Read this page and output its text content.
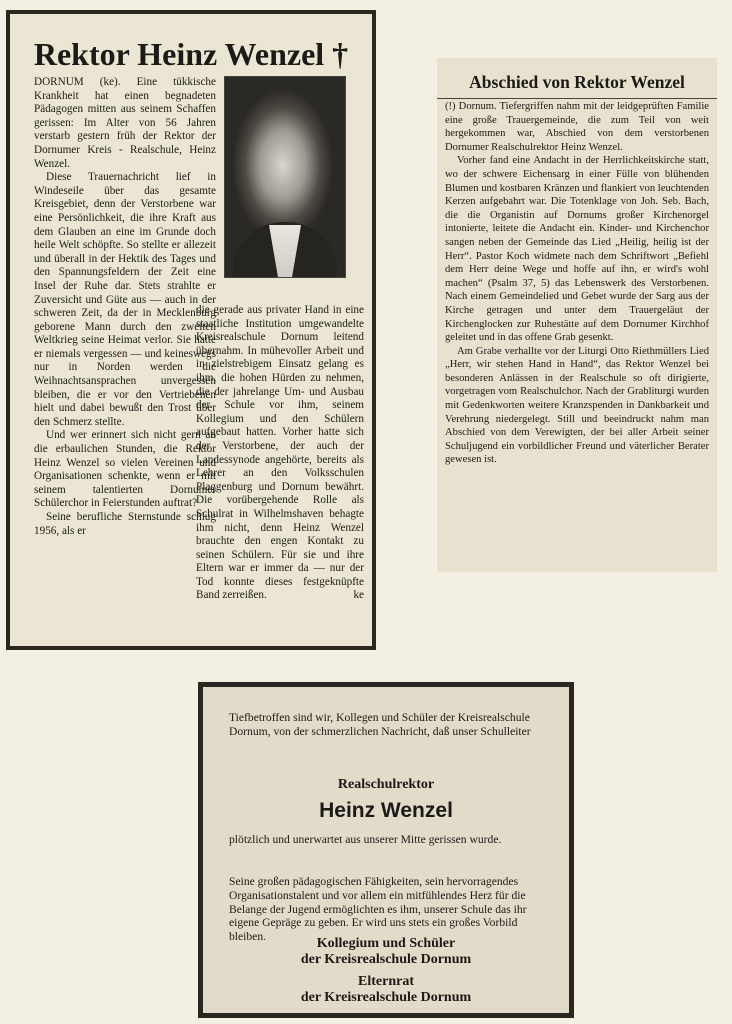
Rektor Heinz Wenzel †

DORNUM (ke). Eine tükkische Krankheit hat einen begnadeten Pädagogen mitten aus seinem Schaffen gerissen: Im Alter von 56 Jahren verstarb gestern früh der Rektor der Dornumer Kreis - Realschule, Heinz Wenzel.

Diese Trauernachricht lief in Windeseile über das gesamte Kreisgebiet, denn der Verstorbene war eine Persönlichkeit, die ihre Kraft aus dem Glauben an eine im Grunde doch heile Welt schöpfte. So stellte er allezeit und überall in der Hektik des Tages und den Spannungsfeldern der Zeit eine Insel der Ruhe dar. Stets strahlte er Zuversicht und Güte aus — auch in der schweren Zeit, da der in Mecklenburg geborene Mann durch den zweiten Weltkrieg seine Heimat verlor. Sie hatte er niemals vergessen — und keineswegs nur in Norden werden die Weihnachtsansprachen unvergessen bleiben, die er vor den Vertriebenen hielt und dabei bewußt den Trost über den Schmerz stellte.

Und wer erinnert sich nicht gern an die erbaulichen Stunden, die Rektor Heinz Wenzel so vielen Vereinen und Organisationen schenkte, wenn er mit seinem talentierten Dornumer Schülerchor in Feierstunden auftrat?

Seine berufliche Sternstunde schlug 1956, als er

die gerade aus privater Hand in eine staatliche Institution umgewandelte Kreisrealschule Dornum leitend übernahm. In mühevoller Arbeit und in zielstrebigem Einsatz gelang es ihm, die hohen Hürden zu nehmen, die der jahrelange Um- und Ausbau der Schule vor ihm, seinem Kollegium und den Schülern aufgebaut hatten. Vorher hatte sich der Verstorbene, der auch der Landessynode angehörte, bereits als Lehrer an den Volksschulen Plaggenburg und Dornum bewährt. Die vorübergehende Rolle als Schulrat in Wilhelmshaven behagte ihm nicht, denn Heinz Wenzel brauchte den engen Kontakt zu seinen Schülern. Für sie und ihre Eltern war er immer da — nur der Tod konnte dieses festgeknüpfte Band zerreißen.	ke

Abschied von Rektor Wenzel

(!) Dornum. Tiefergriffen nahm mit der leidgeprüften Familie eine große Trauergemeinde, die zum Teil von weit hergekommen war, Abschied von dem verstorbenen Dornumer Realschulrektor Heinz Wenzel.

Vorher fand eine Andacht in der Herrlichkeitskirche statt, wo der schwere Eichensarg in einer Fülle von blühenden Blumen und kostbaren Kränzen und flankiert von leuchtenden Kerzen aufgebahrt war. Die Totenklage von Joh. Seb. Bach, die die Organistin auf Dornums großer Kirchenorgel intonierte, leitete die Andacht ein. Kinder- und Kirchenchor sangen neben der Gemeinde das Lied „Heilig, heilig ist der Herr“. Pastor Koch widmete nach dem Schriftwort „Befiehl dem Herr deine Wege und hoffe auf ihn, er wird's wohl machen“ (Psalm 37, 5) das Lebenswerk des Verstorbenen. Nach einem Gemeindelied und Gebet wurde der Sarg aus der Kirche getragen und unter dem Trauergeläut der Kirchenglocken zur Ruhestätte auf dem Dornumer Kirchhof geleitet und in das offene Grab gesenkt.

Am Grabe verhallte vor der Liturgi Otto Riethmüllers Lied „Herr, wir stehen Hand in Hand“, das Rektor Wenzel bei besonderen Anlässen in der Realschule so oft dirigierte, vorgetragen vom Realschulchor. Nach der Grabliturgi wurden mit Gedenkworten weitere Kranzspenden in Dankbarkeit und Verehrung niedergelegt. Still und beeindruckt nahm man Abschied von dem Verewigten, der bei aller Arbeit seiner Schuljugend ein vorbildlicher Freund und väterlicher Berater gewesen ist.

Tiefbetroffen sind wir, Kollegen und Schüler der Kreisrealschule Dornum, von der schmerzlichen Nachricht, daß unser Schulleiter
Realschulrektor
Heinz Wenzel
plötzlich und unerwartet aus unserer Mitte gerissen wurde.
Seine großen pädagogischen Fähigkeiten, sein hervorragendes Organisationstalent und vor allem ein mitfühlendes Herz für die Belange der Jugend ermöglichten es ihm, unserer Schule das ihr eigene Gepräge zu geben. Er wird uns stets ein großes Vorbild bleiben.	Kollegium und Schüler
der Kreisrealschule Dornum
Elternrat
der Kreisrealschule Dornum
